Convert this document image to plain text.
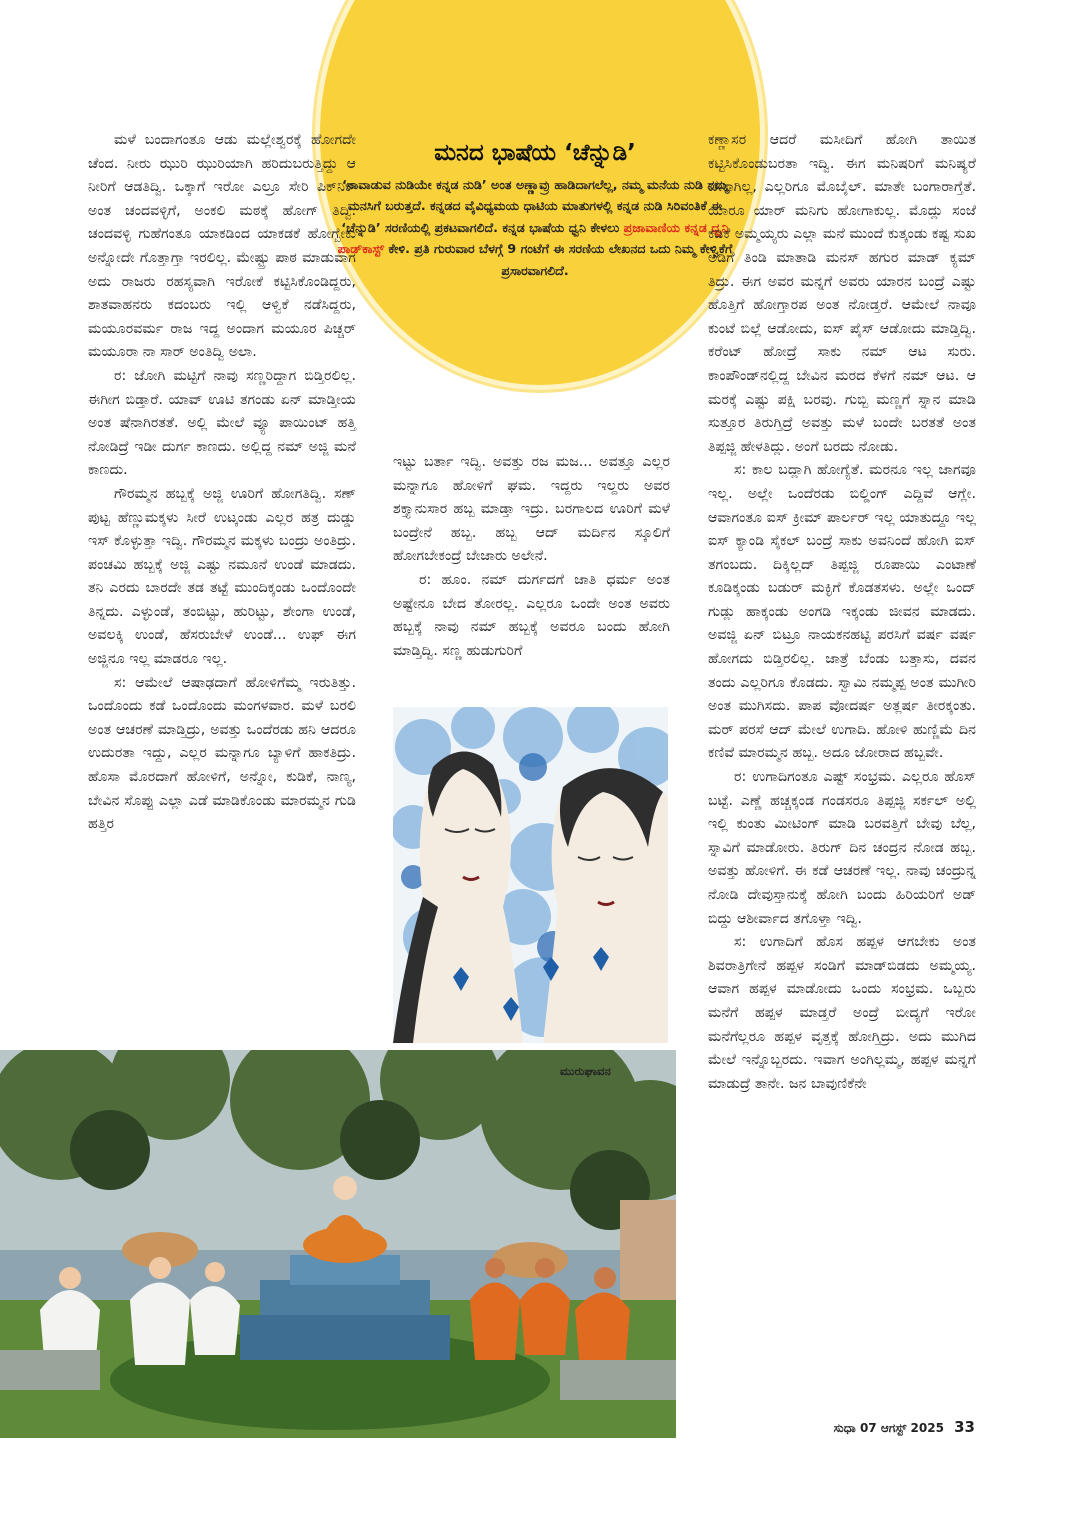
ಮನದ ಭಾಷೆಯ ‘ಚೆನ್ನುಡಿ’
‘ನಾವಾಡುವ ನುಡಿಯೇ ಕನ್ನಡ ನುಡಿ’ ಅಂತ ಅಣ್ಣಾವ್ರು ಹಾಡಿದಾಗಲೆಲ್ಲ, ನಮ್ಮ ಮನೆಯ ನುಡಿ ನಮ್ಮ ಮನಸಿಗೆ ಬರುತ್ತದೆ. ಕನ್ನಡದ ವೈವಿಧ್ಯಮಯ ಧಾಟಿಯ ಮಾತುಗಳಲ್ಲಿ ಕನ್ನಡ ನುಡಿ ಸಿರಿವಂತಿಕೆ ಈ ‘ಚೆನ್ನುಡಿ’ ಸರಣಿಯಲ್ಲಿ ಪ್ರಕಟವಾಗಲಿದೆ. ಕನ್ನಡ ಭಾಷೆಯ ಧ್ವನಿ ಕೇಳಲು ಪ್ರಜಾವಾಣಿಯ ಕನ್ನಡ ಧ್ವನಿ ಪಾಡ್‌ಕಾಸ್ಟ್ ಕೇಳಿ. ಪ್ರತಿ ಗುರುವಾರ ಬೆಳಗ್ಗೆ 9 ಗಂಟೆಗೆ ಈ ಸರಣಿಯ ಲೇಖನದ ಒದು ನಿಮ್ಮ ಕೇಳ್ವಿಕೆಗೆ ಪ್ರಸಾರವಾಗಲಿದೆ.

ಮಳೆ ಬಂದಾಗಂತೂ ಆಡು ಮಲ್ಲೇಶ್ವರಕ್ಕೆ ಹೋಗದೇ ಚೆಂದ. ನೀರು ಝುರಿ ಝುರಿಯಾಗಿ ಹರಿದುಬರುತ್ತಿದ್ದು ಆ ನೀರಿಗೆ ಆಡತಿದ್ವಿ. ಒಕ್ಕಾಗೆ ಇರೋ ಎಲ್ರೂ ಸೇರಿ ಪಿಕ್‌ನಿಕ್ ಅಂತ ಚಂದವಳ್ಳಿಗೆ, ಅಂಕಲಿ ಮಠಕ್ಕೆ ಹೋಗ್ ತಿದ್ವಿ. ಚಂದವಳ್ಳಿ ಗುಹೆಗಂತೂ ಯಾಕಡಿಂದ ಯಾಕಡಕೆ ಹೋಗ್ಬೇಕು ಅನ್ನೋದೇ ಗೊತ್ತಾಗ್ತಾ ಇರಲಿಲ್ಲ. ಮೇಷ್ಟ್ರು ಪಾಠ ಮಾಡುವಾಗ ಅದು ರಾಜರು ರಹಸ್ಯವಾಗಿ ಇರೋಕೆ ಕಟ್ಟಿಸಿಕೊಂಡಿದ್ದರು, ಶಾತವಾಹನರು ಕದಂಬರು ಇಲ್ಲಿ ಆಳ್ವಿಕೆ ನಡೆಸಿದ್ದರು, ಮಯೂರವರ್ಮ ರಾಜ ಇದ್ದ ಅಂದಾಗ ಮಯೂರ ಪಿಚ್ಚರ್ ಮಯೂರಾ ನಾ ಸಾರ್ ಅಂತಿದ್ವಿ ಅಲಾ.

ರ: ಜೋಗಿ ಮಟ್ಟಿಗೆ ನಾವು ಸಣ್ಣರಿದ್ದಾಗ ಬಿಡ್ತಿರಲಿಲ್ಲ. ಈಗೀಗ ಬಿಡ್ತಾರೆ. ಯಾವ್ ಊಟಿ ತಗಂಡು ಏನ್ ಮಾಡ್ತೀಯ ಅಂತ ಷೆನಾಗಿರತತೆ. ಅಲ್ಲಿ ಮೇಲೆ ವ್ಯೂ ಪಾಯಿಂಟ್ ಹತ್ತಿ ನೋಡಿದ್ರೆ ಇಡೀ ದುರ್ಗ ಕಾಣದು. ಅಲ್ಲಿದ್ದ ನಮ್ ಅಜ್ಜಿ ಮನೆ ಕಾಣದು.

ಗೌರಮ್ಮನ ಹಬ್ಬಕ್ಕೆ ಅಜ್ಜಿ ಊರಿಗೆ ಹೋಗತಿದ್ವಿ. ಸಣ್ ಪುಟ್ಟ ಹೆಣ್ಣುಮಕ್ಕಳು ಸೀರೆ ಉಟ್ಕಂಡು ಎಲ್ಲರ ಹತ್ರ ದುಡ್ಡು ಇಸ್ ಕೊಳ್ಳುತ್ತಾ ಇದ್ವಿ. ಗೌರಮ್ಮನ ಮಕ್ಕಳು ಬಂದ್ರು ಅಂತಿದ್ರು. ಪಂಚಮಿ ಹಬ್ಬಕ್ಕೆ ಅಜ್ಜಿ ಎಷ್ಟು ನಮೂನೆ ಉಂಡೆ ಮಾಡದು. ತನಿ ಎರದು ಬಾರದೇ ತಡ ತಟ್ಟೆ ಮುಂದಿಕ್ಕಂಡು ಒಂದೊಂದೇ ತಿನ್ನದು. ಎಳ್ಳುಂಡೆ, ತಂಬಿಟ್ಟು, ಹುರಿಟ್ಟು, ಶೇಂಗಾ ಉಂಡೆ, ಅವಲಕ್ಕಿ ಉಂಡೆ, ಹೆಸರುಬೇಳೆ ಉಂಡೆ... ಉಫ್ ಈಗ ಅಜ್ಜಿನೂ ಇಲ್ಲ ಮಾಡರೂ ಇಲ್ಲ.

ಸ: ಆಮೇಲೆ ಆಷಾಢದಾಗೆ ಹೋಳಿಗೆಮ್ಮ ಇರುತಿತ್ತು. ಒಂದೊಂದು ಕಡೆ ಒಂದೊಂದು ಮಂಗಳವಾರ. ಮಳೆ ಬರಲಿ ಅಂತ ಆಚರಣೆ ಮಾಡ್ತಿದ್ರು, ಅವತ್ತು ಒಂದೆರಡು ಹನಿ ಆದರೂ ಉದುರತಾ ಇದ್ದು, ಎಲ್ಲರ ಮನ್ನಾಗೂ ಬ್ಯಾಳಿಗೆ ಹಾಕತಿದ್ರು. ಹೊಸಾ ಮೊರದಾಗೆ ಹೋಳಿಗೆ, ಅನ್ನೋ, ಕುಡಿಕೆ, ನಾಣ್ಯ, ಬೇವಿನ ಸೊಪ್ಪು ಎಲ್ಲಾ ಎಡೆ ಮಾಡಿಕೊಂಡು ಮಾರಮ್ಮನ ಗುಡಿ ಹತ್ತಿರ

ಇಟ್ಟು ಬರ್ತಾ ಇದ್ವಿ. ಅವತ್ತು ರಜ ಮಜ... ಅವತ್ತೂ ಎಲ್ಲರ ಮನ್ನಾಗೂ ಹೋಳಿಗೆ ಘಮ. ಇದ್ದರು ಇಲ್ದರು ಅವರ ಶಕ್ತ್ಯಾನುಸಾರ ಹಬ್ಬ ಮಾಡ್ತಾ ಇದ್ರು. ಬರಗಾಲದ ಊರಿಗೆ ಮಳೆ ಬಂದ್ರೇನೆ ಹಬ್ಬ. ಹಬ್ಬ ಆದ್ ಮರ್ದಿನ ಸ್ಕೂಲಿಗೆ ಹೋಗಬೇಕಂದ್ರೆ ಬೇಜಾರು ಅಲೇನೆ.

ರ: ಹೂಂ. ನಮ್ ದುರ್ಗದಗೆ ಜಾತಿ ಧರ್ಮ ಅಂತ ಅಷ್ಟೇನೂ ಬೇದ ತೋರಲ್ಲ. ಎಲ್ಲರೂ ಒಂದೇ ಅಂತ ಅವರು ಹಬ್ಬಕ್ಕೆ ನಾವು ನಮ್ ಹಬ್ಬಕ್ಕೆ ಅವರೂ ಬಂದು ಹೋಗಿ ಮಾಡ್ತಿದ್ವಿ. ಸಣ್ಣ ಹುಡುಗುರಿಗೆ

ಕಣ್ಣಾಸರ ಆದರೆ ಮಸೀದಿಗೆ ಹೋಗಿ ತಾಯಿತ ಕಟ್ಟಿಸಿಕೊಂಡುಬರತಾ ಇದ್ವಿ. ಈಗ ಮನಿಷರಿಗೆ ಮನಿಷ್ಯರೆ ಬೇಕಾಗಿಲ್ಲ, ಎಲ್ಲರಿಗೂ ಮೊಬೈಲ್. ಮಾತೇ ಬಂಗಾರಾಗ್ತೆತೆ. ಯಾರೂ ಯಾರ್ ಮನಿಗು ಹೋಗಾಕುಲ್ಲ. ಮೊದ್ಲು ಸಂಜೆ ಕಡಿಕೆ ಅಮ್ಮಯ್ಯರು ಎಲ್ಲಾ ಮನೆ ಮುಂದೆ ಕುತ್ಕಂಡು ಕಷ್ಟ ಸುಖ ಅಡಿಗೆ ತಿಂಡಿ ಮಾತಾಡಿ ಮನಸ್ ಹಗುರ ಮಾಡ್ ಕ್ಯಮ್ ತಿದ್ರು. ಈಗ ಅವರ ಮನ್ನಗೆ ಅವರು ಯಾರನ ಬಂದ್ರೆ ಎಷ್ಟು ಹೊತ್ತಿಗೆ ಹೋಗ್ತಾರಪ ಅಂತ ನೋಡ್ತರೆ. ಆಮೇಲೆ ನಾವೂ ಕುಂಟೆ ಬಿಲ್ಲೆ ಆಡೋದು, ಐಸ್ ಪೈಸ್ ಆಡೋದು ಮಾಡ್ತಿದ್ವಿ. ಕರೆಂಟ್ ಹೋದ್ರೆ ಸಾಕು ನಮ್ ಆಟ ಸುರು. ಕಾಂಪೌಂಡ್‌ನಲ್ಲಿದ್ದ ಬೇವಿನ ಮರದ ಕೆಳಗೆ ನಮ್ ಆಟ. ಆ ಮರಕ್ಕೆ ಎಷ್ಟು ಪಕ್ಷಿ ಬರವು. ಗುಬ್ಬಿ ಮಣ್ಣಗೆ ಸ್ನಾನ ಮಾಡಿ ಸುತ್ತೂರ ತಿರುಗ್ತಿದ್ರೆ ಅವತ್ತು ಮಳೆ ಬಂದೇ ಬರತತೆ ಅಂತ ತಿಪ್ಪಜ್ಜಿ ಹೇಳತಿದ್ಲು. ಅಂಗೆ ಬರದು ನೋಡು.

ಸ: ಕಾಲ ಬದ್ಲಾಗಿ ಹೋಗ್ಯೆತೆ. ಮರನೂ ಇಲ್ಲ ಜಾಗವೂ ಇಲ್ಲ. ಅಲ್ಲೇ ಒಂದೆರಡು ಬಿಲ್ಡಿಂಗ್ ಎದ್ದಿವೆ ಆಗ್ಲೇ. ಆವಾಗಂತೂ ಐಸ್ ಕ್ರೀಮ್ ಪಾರ್ಲರ್ ಇಲ್ಲ ಯಾತುದ್ದೂ ಇಲ್ಲ ಐಸ್ ಕ್ಯಾಂಡಿ ಸೈಕಲ್ ಬಂದ್ರೆ ಸಾಕು ಅವನಿಂದೆ ಹೋಗಿ ಐಸ್ ತಗಂಬದು. ದಿಕ್ಕಿಲ್ಲದ್ ತಿಪ್ಪಜ್ಜಿ ರೂಪಾಯಿ ಎಂಟಾಣೆ ಕೂಡಿಕ್ಕಂಡು ಬಡುರ್ ಮಕ್ಳಿಗೆ ಕೊಡತಸಳು. ಅಲ್ಲೇ ಒಂದ್ ಗುಡ್ಲು ಹಾಕ್ಕಂಡು ಅಂಗಡಿ ಇಕ್ಕಂಡು ಜೀವನ ಮಾಡದು. ಅವಜ್ಜಿ ಏನ್ ಬಿಟ್ರೂ ನಾಯಕನಹಟ್ಟಿ ಪರಸಿಗೆ ವರ್ಷ ವರ್ಷ ಹೋಗದು ಬಿಡ್ತಿರಲಿಲ್ಲ. ಜಾತ್ರೆ ಬೆಂಡು ಬತ್ತಾಸು, ದವನ ತಂದು ಎಲ್ಲರಿಗೂ ಕೊಡದು. ಸ್ವಾಮಿ ನಮ್ಮಪ್ಪ ಅಂತ ಮುಗೀರಿ ಅಂತ ಮುಗಿಸದು. ಪಾಪ ವೋದರ್ಷ ಅತ್ಲರ್ಷ ತೀರಕ್ಕಂತು. ಮರ್ ಪರಸೆ ಆದ್ ಮೇಲೆ ಉಗಾದಿ. ಹೋಳಿ ಹುಣ್ಣಿಮೆ ದಿನ ಕಣಿವೆ ಮಾರಮ್ಮನ ಹಬ್ಬ. ಅದೂ ಜೋರಾದ ಹಬ್ಬವೇ.

ರ: ಉಗಾದಿಗಂತೂ ಎಷ್ಟ್ ಸಂಭ್ರಮ. ಎಲ್ಲರೂ ಹೊಸ್ ಬಟ್ಟೆ. ಎಣ್ಣೆ ಹಚ್ಚಕ್ಕಂಡ ಗಂಡಸರೂ ತಿಪ್ಪಜ್ಜಿ ಸರ್ಕಲ್ ಅಲ್ಲಿ ಇಲ್ಲಿ ಕುಂತು ಮೀಟಿಂಗ್ ಮಾಡಿ ಬರವತ್ತಿಗೆ ಬೇವು ಬೆಲ್ಲ, ಸ್ನಾವಿಗೆ ಮಾಡೋರು. ತಿರುಗ್ ದಿನ ಚಂದ್ರನ ನೋಡ ಹಬ್ಬ. ಅವತ್ತು ಹೋಳಿಗೆ. ಈ ಕಡೆ ಆಚರಣೆ ಇಲ್ಲ. ನಾವು ಚಂದ್ರುನ್ನ ನೋಡಿ ದೇವುಸ್ತಾನುಕ್ಕೆ ಹೋಗಿ ಬಂದು ಹಿರಿಯರಿಗೆ ಅಡ್ ಬಿದ್ದು ಆಶೀರ್ವಾದ ತಗೊಳ್ತಾ ಇದ್ವಿ.

ಸ: ಉಗಾದಿಗೆ ಹೊಸ ಹಪ್ಪಳ ಆಗಬೇಕು ಅಂತ ಶಿವರಾತ್ರಿಗೇನೆ ಹಪ್ಪಳ ಸಂಡಿಗೆ ಮಾಡ್‌ಬಿಡದು ಅಮ್ಮಯ್ಯ. ಆವಾಗ ಹಪ್ಪಳ ಮಾಡೋದು ಒಂದು ಸಂಭ್ರಮ. ಒಬ್ಬರು ಮನೆಗೆ ಹಪ್ಪಳ ಮಾಡ್ತರೆ ಅಂದ್ರೆ ಬೀದ್ಯಗೆ ಇರೋ ಮನೆಗೆಲ್ಲರೂ ಹಪ್ಪಳ ವೃತ್ತಕ್ಕೆ ಹೋಗ್ತಿದ್ರು. ಅದು ಮುಗಿದ ಮೇಲೆ ಇನ್ನೊಬ್ಬರದು. ಇವಾಗ ಅಂಗಿಲ್ಲಮ್ಮ, ಹಪ್ಪಳ ಮನ್ನಗೆ ಮಾಡುದ್ರೆ ತಾನೇ. ಜನ ಬಾವುಣಿಕೆನೇ

ಮುರುಘಾವನ
ಸುಧಾ 07 ಆಗಸ್ಟ್ 2025 33
